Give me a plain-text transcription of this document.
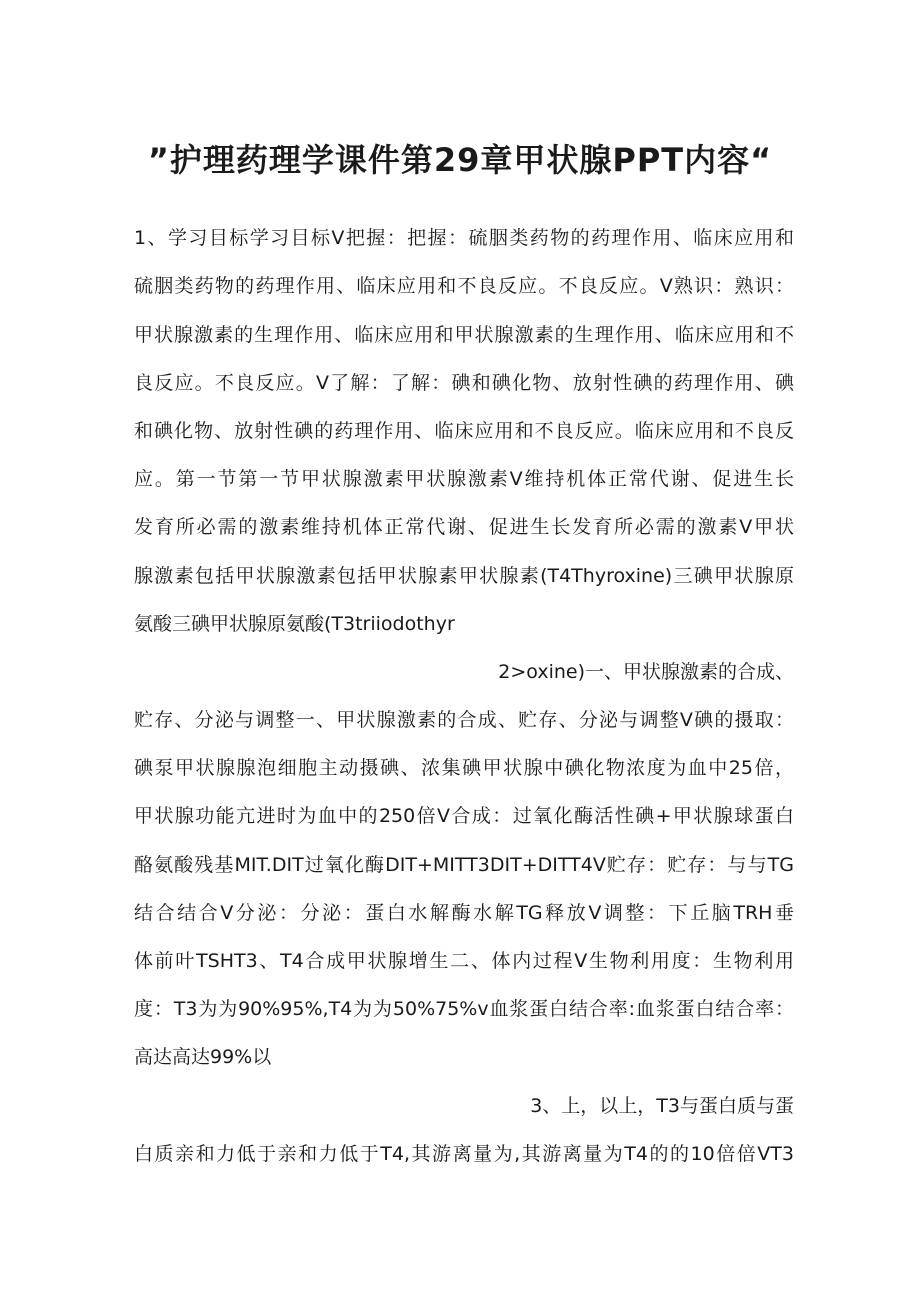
”护理药理学课件第29章甲状腺PPT内容“
1、学习目标学习目标V把握：把握：硫胭类药物的药理作用、临床应用和
硫胭类药物的药理作用、临床应用和不良反应。不良反应。V熟识：熟识：
甲状腺激素的生理作用、临床应用和甲状腺激素的生理作用、临床应用和不
良反应。不良反应。V了解：了解：碘和碘化物、放射性碘的药理作用、碘
和碘化物、放射性碘的药理作用、临床应用和不良反应。临床应用和不良反
应。第一节第一节甲状腺激素甲状腺激素V维持机体正常代谢、促进生长
发育所必需的激素维持机体正常代谢、促进生长发育所必需的激素V甲状
腺激素包括甲状腺激素包括甲状腺素甲状腺素(T4Thyroxine)三碘甲状腺原
氨酸三碘甲状腺原氨酸(T3triiodothyr
2>oxine)一、甲状腺激素的合成、
贮存、分泌与调整一、甲状腺激素的合成、贮存、分泌与调整V碘的摄取：
碘泵甲状腺腺泡细胞主动摄碘、浓集碘甲状腺中碘化物浓度为血中25倍，
甲状腺功能亢进时为血中的250倍V合成：过氧化酶活性碘+甲状腺球蛋白
酪氨酸残基MIT.DIT过氧化酶DIT+MITT3DIT+DITT4V贮存：贮存：与与TG
结合结合V分泌：分泌：蛋白水解酶水解TG释放V调整：下丘脑TRH垂
体前叶TSHT3、T4合成甲状腺增生二、体内过程V生物利用度：生物利用
度：T3为为90%95%,T4为为50%75%v血浆蛋白结合率:血浆蛋白结合率：
高达高达99%以
3、上，以上，T3与蛋白质与蛋
白质亲和力低于亲和力低于T4,其游离量为,其游离量为T4的的10倍倍VT3
